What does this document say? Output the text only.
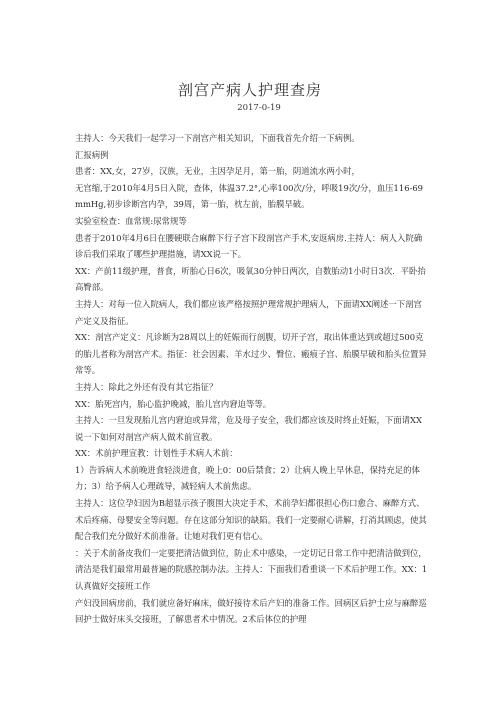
剖宫产病人护理查房
2017-0-19

主持人：今天我们一起学习一下剖宫产相关知识，下面我首先介绍一下病例。

汇报病例

患者：XX,女，27岁，汉族，无业，主因孕足月，第一胎，阴道流水两小时，

无宫缩,于2010年4月5日入院，查体，体温37.2°,心率100次/分，呼吸19次/分，血压116-69mmHg,初步诊断宫内孕，39周，第一胎，枕左前，胎膜早破。

实验室检查：血常规:尿常规等

患者于2010年4月6日在腰硬联合麻醉下行子宫下段剖宫产手术,安返病房.主持人：病人入院确诊后我们采取了哪些护理措施，请XX说一下。

XX：产前11级护理，普食，听胎心日6次，吸氧30分钟日两次，自数胎动1小时日3次．平卧抬高臀部。

主持人：对每一位入院病人，我们都应该严格按照护理常规护理病人，下面请XX阐述一下剖宫产定义及指征。

XX：剖宫产定义：凡诊断为28周以上的妊娠而行剖腹，切开子宫，取出体重达到或超过500克的胎儿者称为剖宫产术。指征：社会因素、羊水过少、臀位、瘢痕子宫、胎膜早破和胎头位置异常等。

主持人：除此之外还有没有其它指征？

XX：胎死宫内，胎心监护晚减，胎儿宫内窘迫等等。

主持人：一旦发现胎儿宫内窘迫或异常，危及母子安全，我们都应该及时终止妊娠，下面请XX说一下如何对剖宫产病人做术前宣教。

XX：术前护理宣教：计划性手术病人术前：

1）告诉病人术前晚进食轻淡进食，晚上0：00后禁食；2）让病人晚上早休息，保持充足的体力；3）给予病人心理疏导，减轻病人术前焦虑。

主持人：这位孕妇因为B超显示孩子腹围大决定手术，术前孕妇都很担心伤口愈合、麻醉方式、术后疼痛、母婴安全等问题。存在这部分知识的缺陷。我们一定要耐心讲解，打消其顾虑，使其配合我们充分做好术前准备。让她对我们更有信心。

：关于术前备皮我们一定要把清洁做到位，防止术中感染，一定切记日常工作中把清洁做到位，清洁是我们最常用最普遍的院感控制办法。主持人：下面我们看重谈一下术后护理工作。XX：1认真做好交接班工作

产妇没回病房前，我们就应备好麻床，做好接待术后产妇的准备工作。回病区后护士应与麻醉巡回护士做好床头交接班，了解患者术中情况。2术后体位的护理
